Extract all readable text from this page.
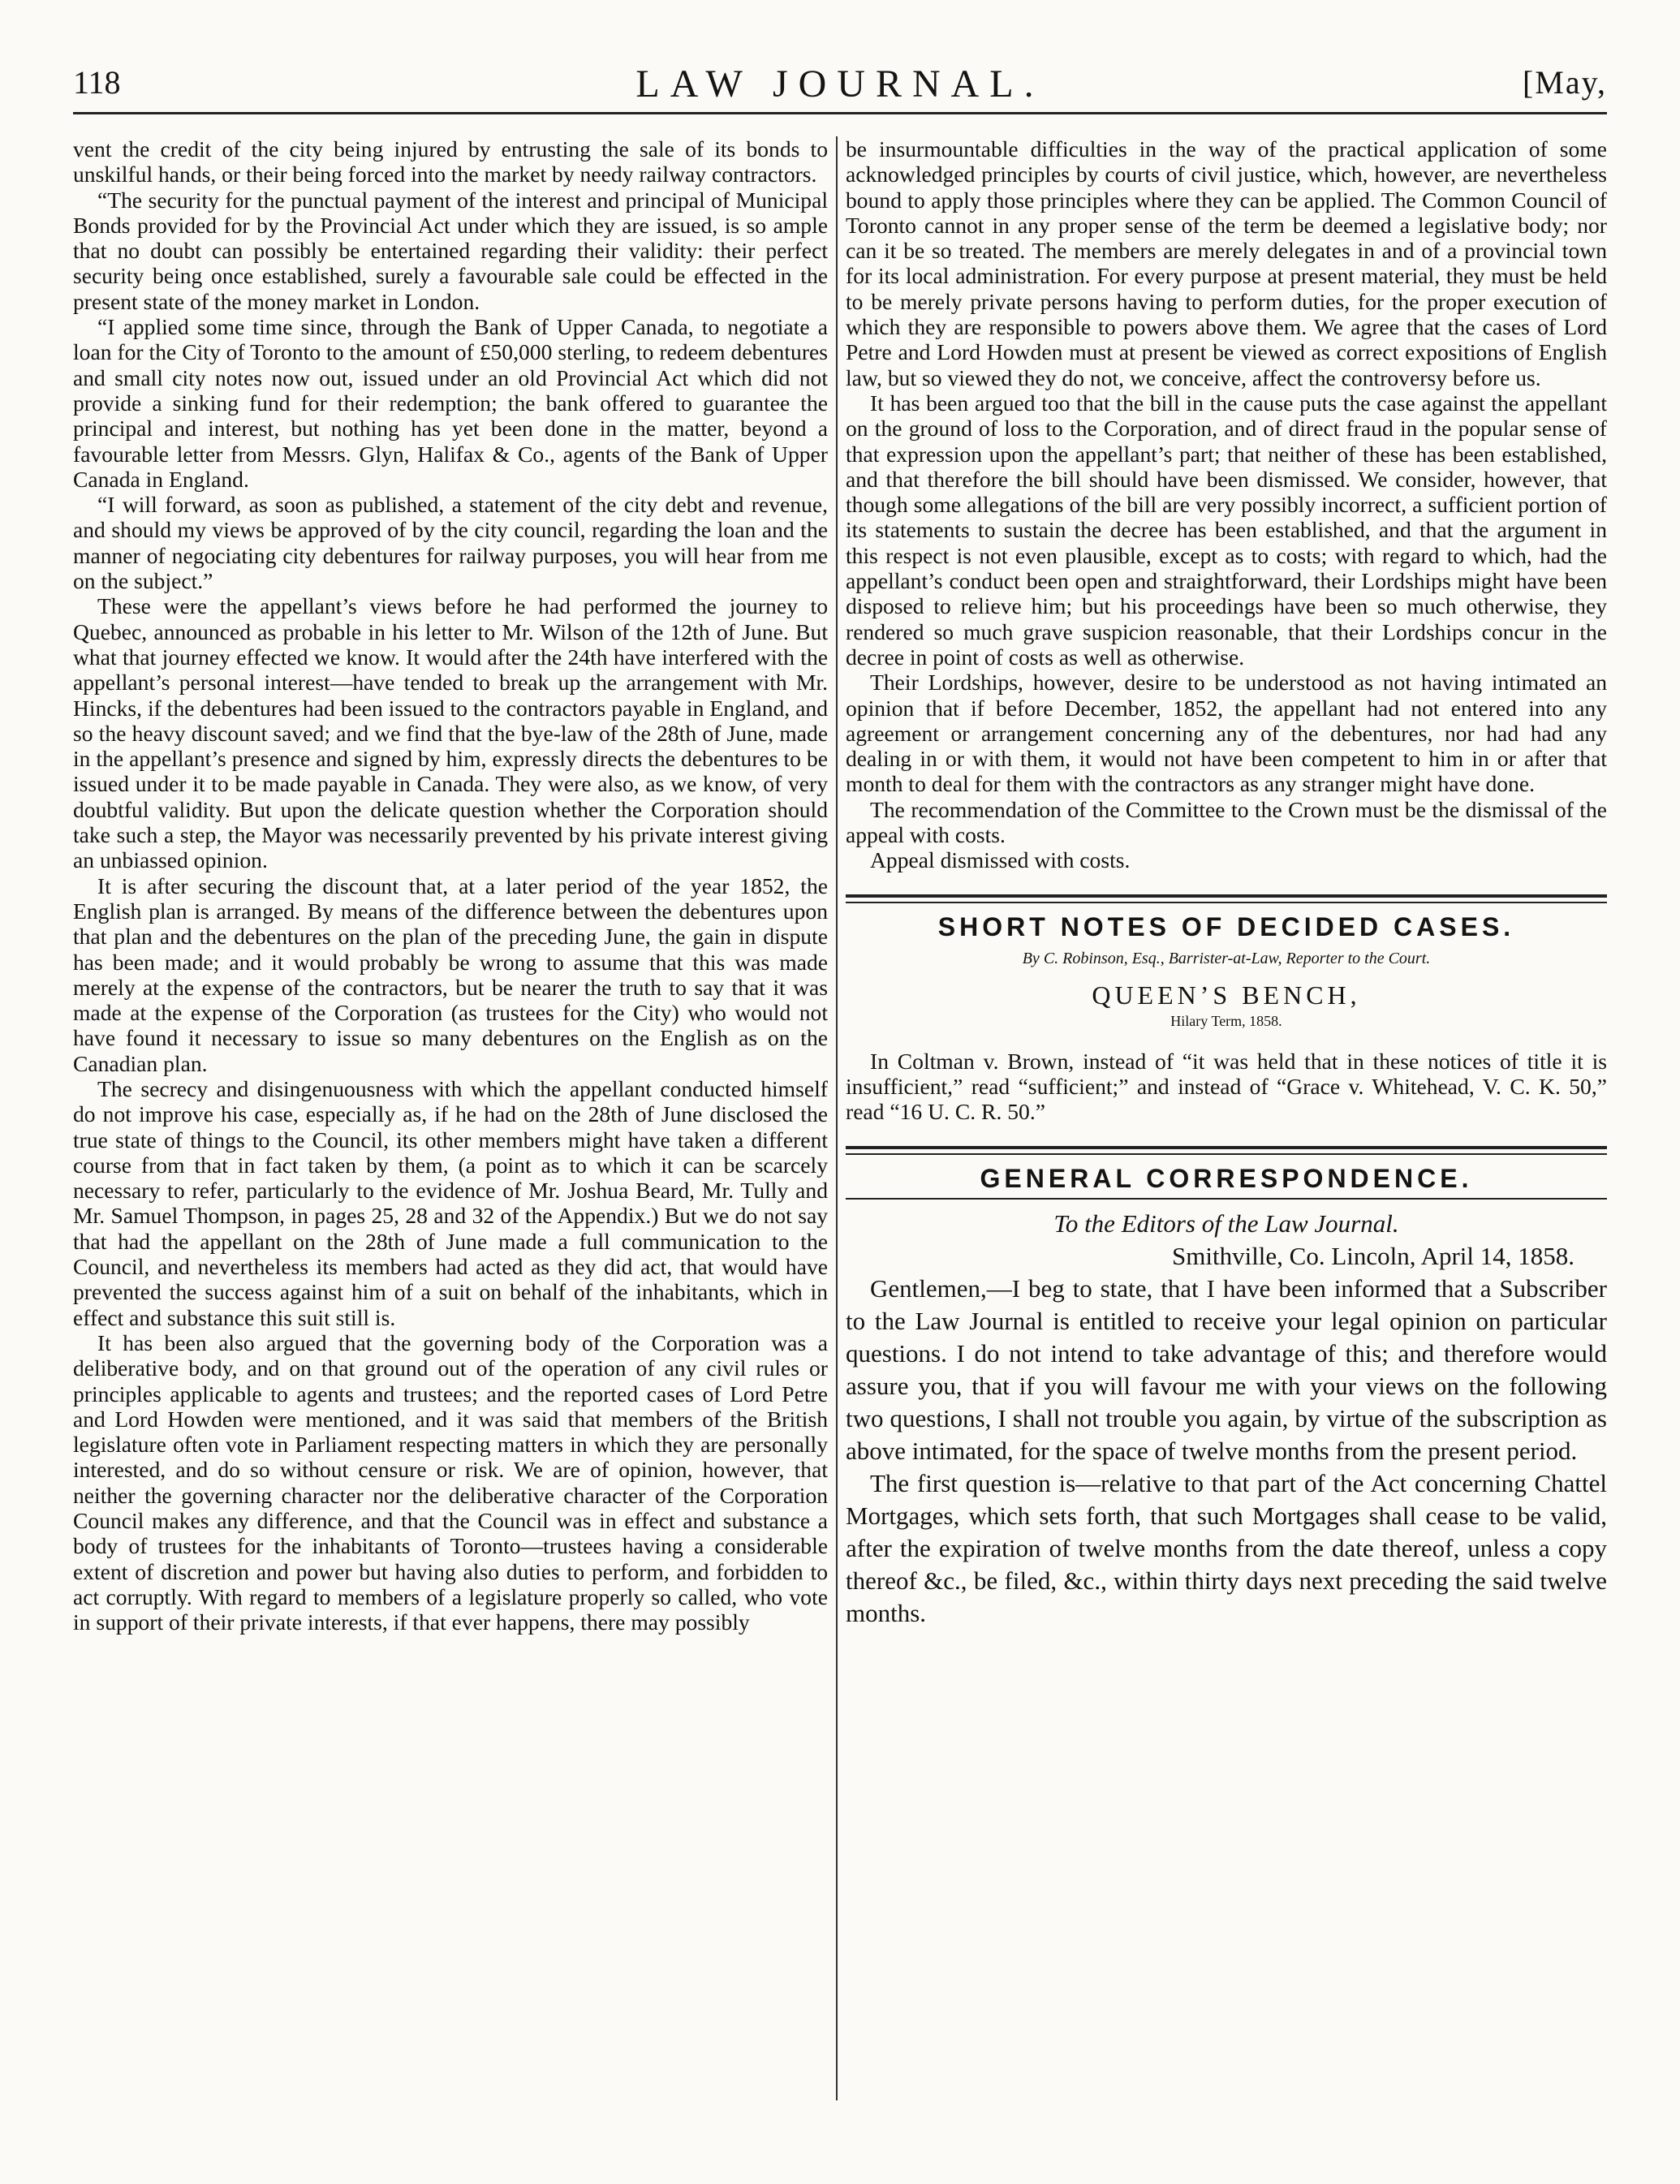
118	LAW JOURNAL.	[May,

vent the credit of the city being injured by entrusting the sale of its bonds to unskilful hands, or their being forced into the market by needy railway contractors.

“The security for the punctual payment of the interest and principal of Municipal Bonds provided for by the Provincial Act under which they are issued, is so ample that no doubt can possibly be entertained regarding their validity: their perfect security being once established, surely a favourable sale could be effected in the present state of the money market in London.

“I applied some time since, through the Bank of Upper Canada, to negotiate a loan for the City of Toronto to the amount of £50,000 sterling, to redeem debentures and small city notes now out, issued under an old Provincial Act which did not provide a sinking fund for their redemption; the bank offered to guarantee the principal and interest, but nothing has yet been done in the matter, beyond a favourable letter from Messrs. Glyn, Halifax & Co., agents of the Bank of Upper Canada in England.

“I will forward, as soon as published, a statement of the city debt and revenue, and should my views be approved of by the city council, regarding the loan and the manner of negociating city debentures for railway purposes, you will hear from me on the subject.”

These were the appellant’s views before he had performed the journey to Quebec, announced as probable in his letter to Mr. Wilson of the 12th of June. But what that journey effected we know. It would after the 24th have interfered with the appellant’s personal interest—have tended to break up the arrangement with Mr. Hincks, if the debentures had been issued to the contractors payable in England, and so the heavy discount saved; and we find that the bye-law of the 28th of June, made in the appellant’s presence and signed by him, expressly directs the debentures to be issued under it to be made payable in Canada. They were also, as we know, of very doubtful validity. But upon the delicate question whether the Corporation should take such a step, the Mayor was necessarily prevented by his private interest giving an unbiassed opinion.

It is after securing the discount that, at a later period of the year 1852, the English plan is arranged. By means of the difference between the debentures upon that plan and the debentures on the plan of the preceding June, the gain in dispute has been made; and it would probably be wrong to assume that this was made merely at the expense of the contractors, but be nearer the truth to say that it was made at the expense of the Corporation (as trustees for the City) who would not have found it necessary to issue so many debentures on the English as on the Canadian plan.

The secrecy and disingenuousness with which the appellant conducted himself do not improve his case, especially as, if he had on the 28th of June disclosed the true state of things to the Council, its other members might have taken a different course from that in fact taken by them, (a point as to which it can be scarcely necessary to refer, particularly to the evidence of Mr. Joshua Beard, Mr. Tully and Mr. Samuel Thompson, in pages 25, 28 and 32 of the Appendix.) But we do not say that had the appellant on the 28th of June made a full communication to the Council, and nevertheless its members had acted as they did act, that would have prevented the success against him of a suit on behalf of the inhabitants, which in effect and substance this suit still is.

It has been also argued that the governing body of the Corporation was a deliberative body, and on that ground out of the operation of any civil rules or principles applicable to agents and trustees; and the reported cases of Lord Petre and Lord Howden were mentioned, and it was said that members of the British legislature often vote in Parliament respecting matters in which they are personally interested, and do so without censure or risk. We are of opinion, however, that neither the governing character nor the deliberative character of the Corporation Council makes any difference, and that the Council was in effect and substance a body of trustees for the inhabitants of Toronto—trustees having a considerable extent of discretion and power but having also duties to perform, and forbidden to act corruptly. With regard to members of a legislature properly so called, who vote in support of their private interests, if that ever happens, there may possibly

be insurmountable difficulties in the way of the practical application of some acknowledged principles by courts of civil justice, which, however, are nevertheless bound to apply those principles where they can be applied. The Common Council of Toronto cannot in any proper sense of the term be deemed a legislative body; nor can it be so treated. The members are merely delegates in and of a provincial town for its local administration. For every purpose at present material, they must be held to be merely private persons having to perform duties, for the proper execution of which they are responsible to powers above them. We agree that the cases of Lord Petre and Lord Howden must at present be viewed as correct expositions of English law, but so viewed they do not, we conceive, affect the controversy before us.

It has been argued too that the bill in the cause puts the case against the appellant on the ground of loss to the Corporation, and of direct fraud in the popular sense of that expression upon the appellant’s part; that neither of these has been established, and that therefore the bill should have been dismissed. We consider, however, that though some allegations of the bill are very possibly incorrect, a sufficient portion of its statements to sustain the decree has been established, and that the argument in this respect is not even plausible, except as to costs; with regard to which, had the appellant’s conduct been open and straightforward, their Lordships might have been disposed to relieve him; but his proceedings have been so much otherwise, they rendered so much grave suspicion reasonable, that their Lordships concur in the decree in point of costs as well as otherwise.

Their Lordships, however, desire to be understood as not having intimated an opinion that if before December, 1852, the appellant had not entered into any agreement or arrangement concerning any of the debentures, nor had had any dealing in or with them, it would not have been competent to him in or after that month to deal for them with the contractors as any stranger might have done.

The recommendation of the Committee to the Crown must be the dismissal of the appeal with costs.

Appeal dismissed with costs.

SHORT NOTES OF DECIDED CASES.
By C. Robinson, Esq., Barrister-at-Law, Reporter to the Court.
QUEEN’S BENCH,
Hilary Term, 1858.

In Coltman v. Brown, instead of “it was held that in these notices of title it is insufficient,” read “sufficient;” and instead of “Grace v. Whitehead, V. C. K. 50,” read “16 U. C. R. 50.”

GENERAL CORRESPONDENCE.

To the Editors of the Law Journal.

Smithville, Co. Lincoln, April 14, 1858.

Gentlemen,—I beg to state, that I have been informed that a Subscriber to the Law Journal is entitled to receive your legal opinion on particular questions. I do not intend to take advantage of this; and therefore would assure you, that if you will favour me with your views on the following two questions, I shall not trouble you again, by virtue of the subscription as above intimated, for the space of twelve months from the present period.

The first question is—relative to that part of the Act concerning Chattel Mortgages, which sets forth, that such Mortgages shall cease to be valid, after the expiration of twelve months from the date thereof, unless a copy thereof &c., be filed, &c., within thirty days next preceding the said twelve months.
